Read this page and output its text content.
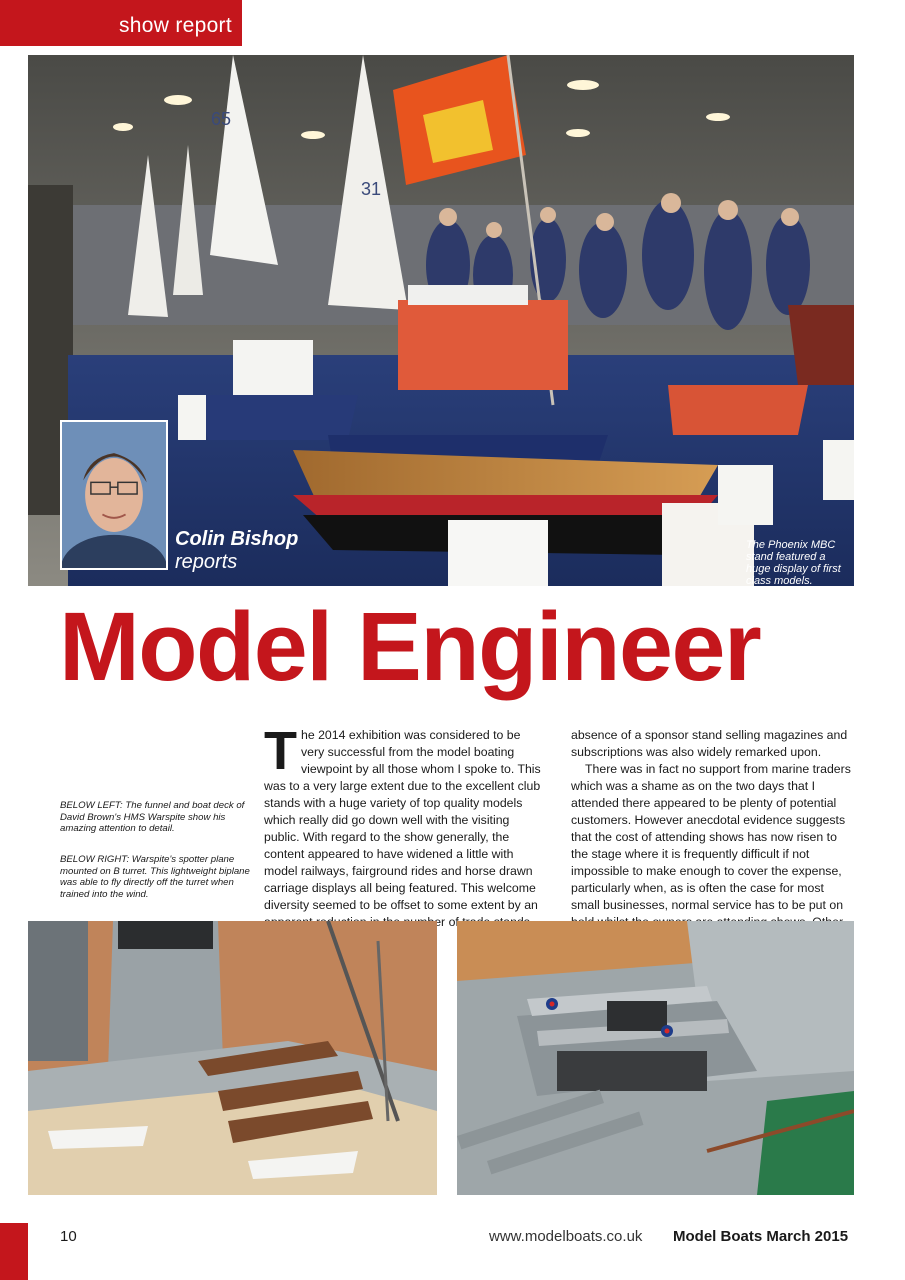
show report
65
31
Colin Bishop
reports
The Phoenix MBC stand featured a huge display of first class models.
Model Engineer

BELOW LEFT: The funnel and boat deck of David Brown's HMS Warspite show his amazing attention to detail.

BELOW RIGHT: Warspite's spotter plane mounted on B turret. This lightweight biplane was able to fly directly off the turret when trained into the wind.

The 2014 exhibition was considered to be very successful from the model boating viewpoint by all those whom I spoke to. This was to a very large extent due to the excellent club stands with a huge variety of top quality models which really did go down well with the visiting public. With regard to the show generally, the content appeared to have widened a little with model railways, fairground rides and horse drawn carriage displays all being featured. This welcome diversity seemed to be offset to some extent by an of

absence of a sponsor stand selling magazines and subscriptions was also widely remarked upon.

There was in fact no support from marine traders which was a shame as on the two days that I attended there appeared to be plenty of potential customers. However anecdotal evidence suggests that the cost of attending shows has now risen to the stage where it is frequently difficult if not impossible to make enough to cover the expense, particularly when, as is often the case for most small businesses, normal service has to be put on

10	www.modelboats.co.uk Model Boats March 2015
